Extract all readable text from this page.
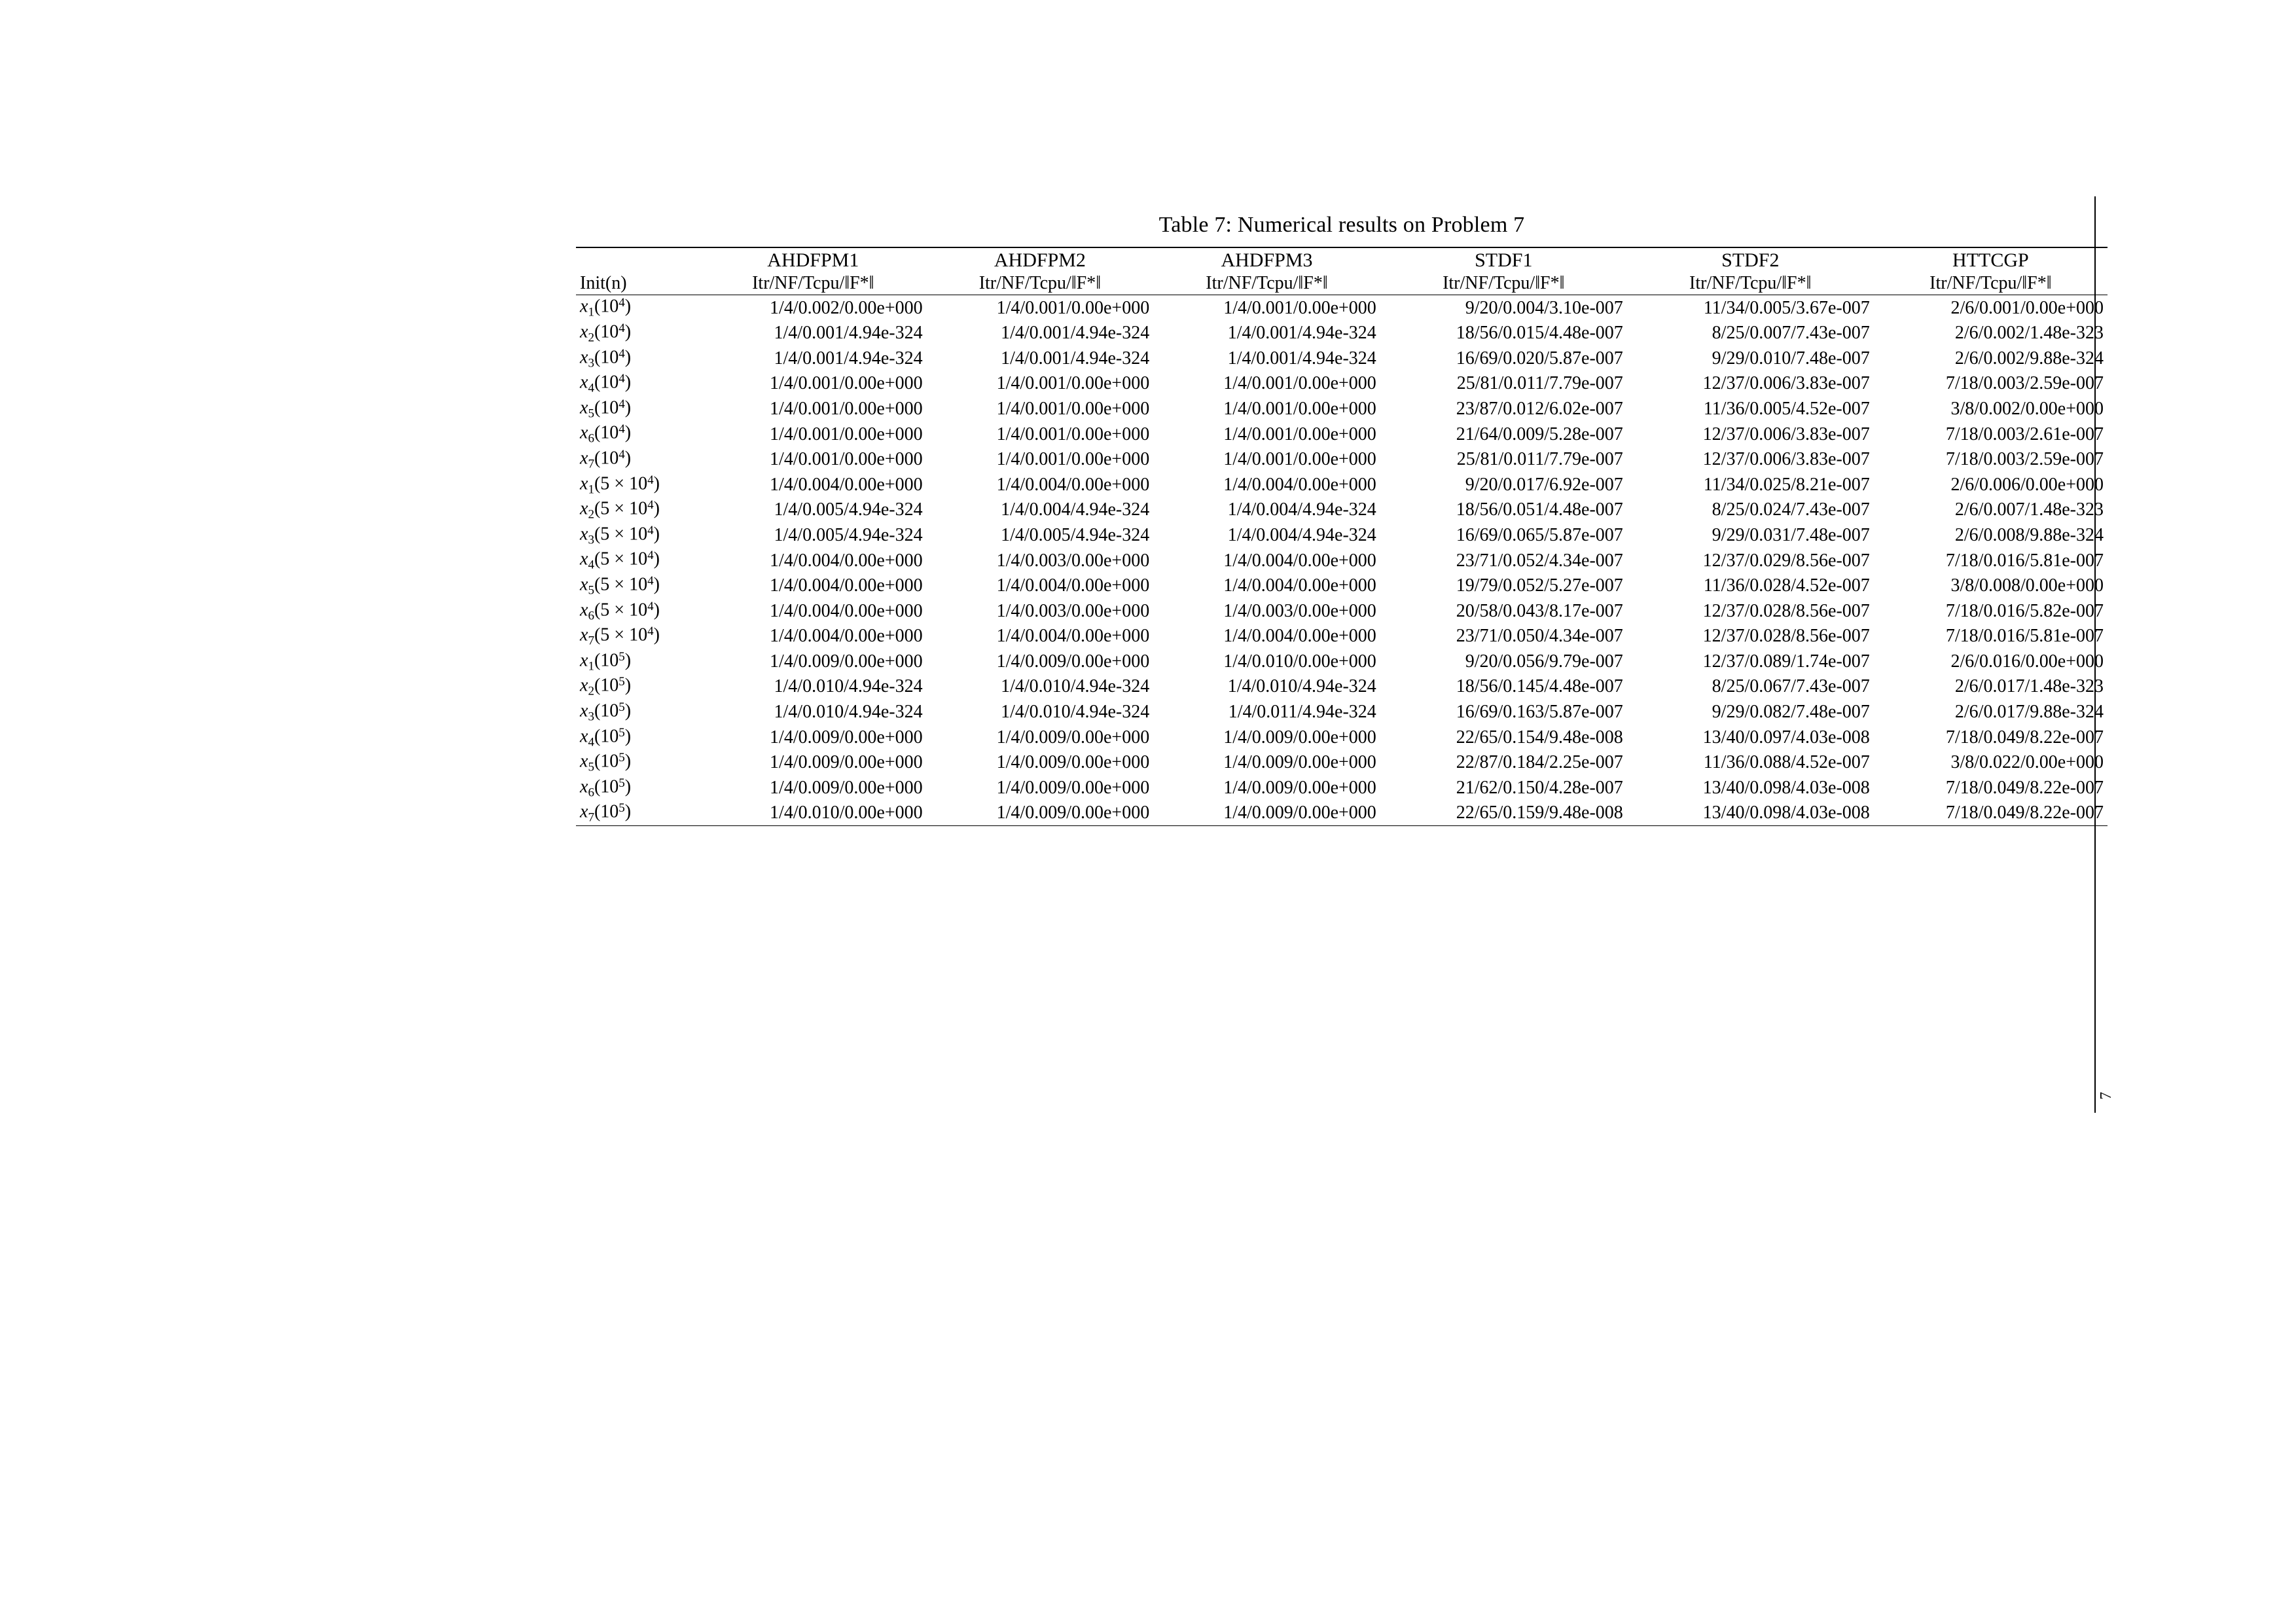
7
Table 7: Numerical results on Problem 7
	AHDFPM1	AHDFPM2	AHDFPM3	STDF1	STDF2	HTTCGP
Init(n)	Itr/NF/Tcpu/‖F*‖	Itr/NF/Tcpu/‖F*‖	Itr/NF/Tcpu/‖F*‖	Itr/NF/Tcpu/‖F*‖	Itr/NF/Tcpu/‖F*‖	Itr/NF/Tcpu/‖F*‖
$x_1(10^4)$	1/4/0.002/0.00e+000	1/4/0.001/0.00e+000	1/4/0.001/0.00e+000	9/20/0.004/3.10e-007	11/34/0.005/3.67e-007	2/6/0.001/0.00e+000
$x_2(10^4)$	1/4/0.001/4.94e-324	1/4/0.001/4.94e-324	1/4/0.001/4.94e-324	18/56/0.015/4.48e-007	8/25/0.007/7.43e-007	2/6/0.002/1.48e-323
$x_3(10^4)$	1/4/0.001/4.94e-324	1/4/0.001/4.94e-324	1/4/0.001/4.94e-324	16/69/0.020/5.87e-007	9/29/0.010/7.48e-007	2/6/0.002/9.88e-324
$x_4(10^4)$	1/4/0.001/0.00e+000	1/4/0.001/0.00e+000	1/4/0.001/0.00e+000	25/81/0.011/7.79e-007	12/37/0.006/3.83e-007	7/18/0.003/2.59e-007
$x_5(10^4)$	1/4/0.001/0.00e+000	1/4/0.001/0.00e+000	1/4/0.001/0.00e+000	23/87/0.012/6.02e-007	11/36/0.005/4.52e-007	3/8/0.002/0.00e+000
$x_6(10^4)$	1/4/0.001/0.00e+000	1/4/0.001/0.00e+000	1/4/0.001/0.00e+000	21/64/0.009/5.28e-007	12/37/0.006/3.83e-007	7/18/0.003/2.61e-007
$x_7(10^4)$	1/4/0.001/0.00e+000	1/4/0.001/0.00e+000	1/4/0.001/0.00e+000	25/81/0.011/7.79e-007	12/37/0.006/3.83e-007	7/18/0.003/2.59e-007
$x_1(5 \times 10^4)$	1/4/0.004/0.00e+000	1/4/0.004/0.00e+000	1/4/0.004/0.00e+000	9/20/0.017/6.92e-007	11/34/0.025/8.21e-007	2/6/0.006/0.00e+000
$x_2(5 \times 10^4)$	1/4/0.005/4.94e-324	1/4/0.004/4.94e-324	1/4/0.004/4.94e-324	18/56/0.051/4.48e-007	8/25/0.024/7.43e-007	2/6/0.007/1.48e-323
$x_3(5 \times 10^4)$	1/4/0.005/4.94e-324	1/4/0.005/4.94e-324	1/4/0.004/4.94e-324	16/69/0.065/5.87e-007	9/29/0.031/7.48e-007	2/6/0.008/9.88e-324
$x_4(5 \times 10^4)$	1/4/0.004/0.00e+000	1/4/0.003/0.00e+000	1/4/0.004/0.00e+000	23/71/0.052/4.34e-007	12/37/0.029/8.56e-007	7/18/0.016/5.81e-007
$x_5(5 \times 10^4)$	1/4/0.004/0.00e+000	1/4/0.004/0.00e+000	1/4/0.004/0.00e+000	19/79/0.052/5.27e-007	11/36/0.028/4.52e-007	3/8/0.008/0.00e+000
$x_6(5 \times 10^4)$	1/4/0.004/0.00e+000	1/4/0.003/0.00e+000	1/4/0.003/0.00e+000	20/58/0.043/8.17e-007	12/37/0.028/8.56e-007	7/18/0.016/5.82e-007
$x_7(5 \times 10^4)$	1/4/0.004/0.00e+000	1/4/0.004/0.00e+000	1/4/0.004/0.00e+000	23/71/0.050/4.34e-007	12/37/0.028/8.56e-007	7/18/0.016/5.81e-007
$x_1(10^5)$	1/4/0.009/0.00e+000	1/4/0.009/0.00e+000	1/4/0.010/0.00e+000	9/20/0.056/9.79e-007	12/37/0.089/1.74e-007	2/6/0.016/0.00e+000
$x_2(10^5)$	1/4/0.010/4.94e-324	1/4/0.010/4.94e-324	1/4/0.010/4.94e-324	18/56/0.145/4.48e-007	8/25/0.067/7.43e-007	2/6/0.017/1.48e-323
$x_3(10^5)$	1/4/0.010/4.94e-324	1/4/0.010/4.94e-324	1/4/0.011/4.94e-324	16/69/0.163/5.87e-007	9/29/0.082/7.48e-007	2/6/0.017/9.88e-324
$x_4(10^5)$	1/4/0.009/0.00e+000	1/4/0.009/0.00e+000	1/4/0.009/0.00e+000	22/65/0.154/9.48e-008	13/40/0.097/4.03e-008	7/18/0.049/8.22e-007
$x_5(10^5)$	1/4/0.009/0.00e+000	1/4/0.009/0.00e+000	1/4/0.009/0.00e+000	22/87/0.184/2.25e-007	11/36/0.088/4.52e-007	3/8/0.022/0.00e+000
$x_6(10^5)$	1/4/0.009/0.00e+000	1/4/0.009/0.00e+000	1/4/0.009/0.00e+000	21/62/0.150/4.28e-007	13/40/0.098/4.03e-008	7/18/0.049/8.22e-007
$x_7(10^5)$	1/4/0.010/0.00e+000	1/4/0.009/0.00e+000	1/4/0.009/0.00e+000	22/65/0.159/9.48e-008	13/40/0.098/4.03e-008	7/18/0.049/8.22e-007
